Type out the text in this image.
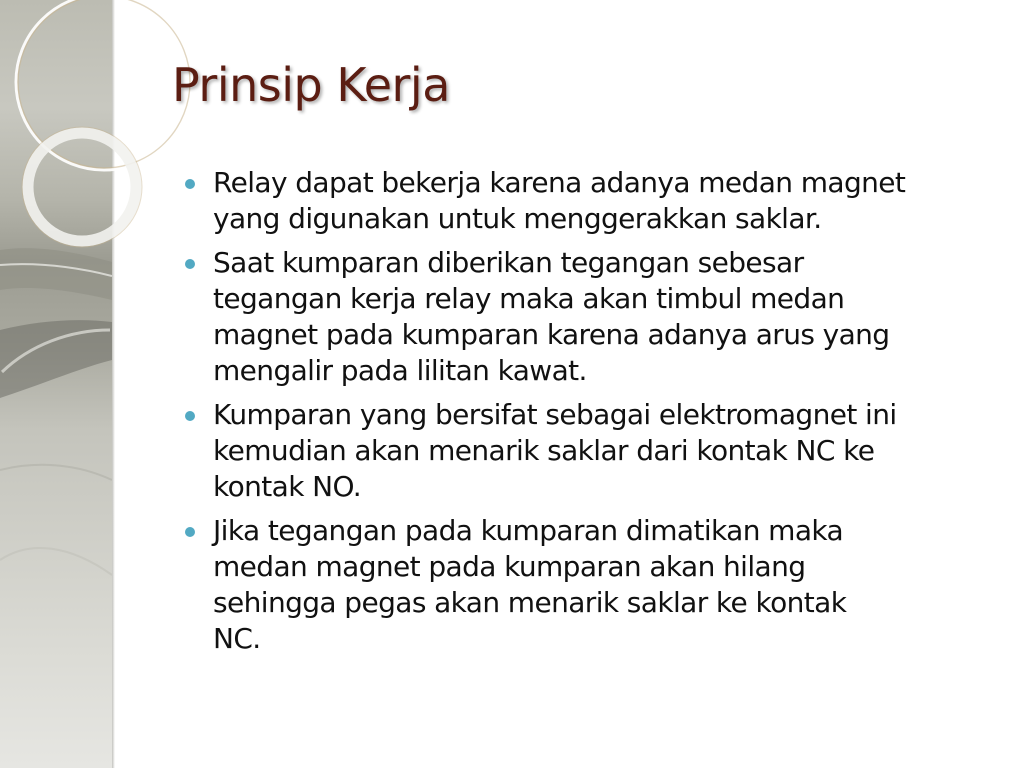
Prinsip Kerja
Relay dapat bekerja karena adanya medan magnet
yang digunakan untuk menggerakkan saklar.
Saat kumparan diberikan tegangan sebesar
tegangan kerja relay maka akan timbul medan
magnet pada kumparan karena adanya arus yang
mengalir pada lilitan kawat.
Kumparan yang bersifat sebagai elektromagnet ini
kemudian akan menarik saklar dari kontak NC ke
kontak NO.
Jika tegangan pada kumparan dimatikan maka
medan magnet pada kumparan akan hilang
sehingga pegas akan menarik saklar ke kontak
NC.
